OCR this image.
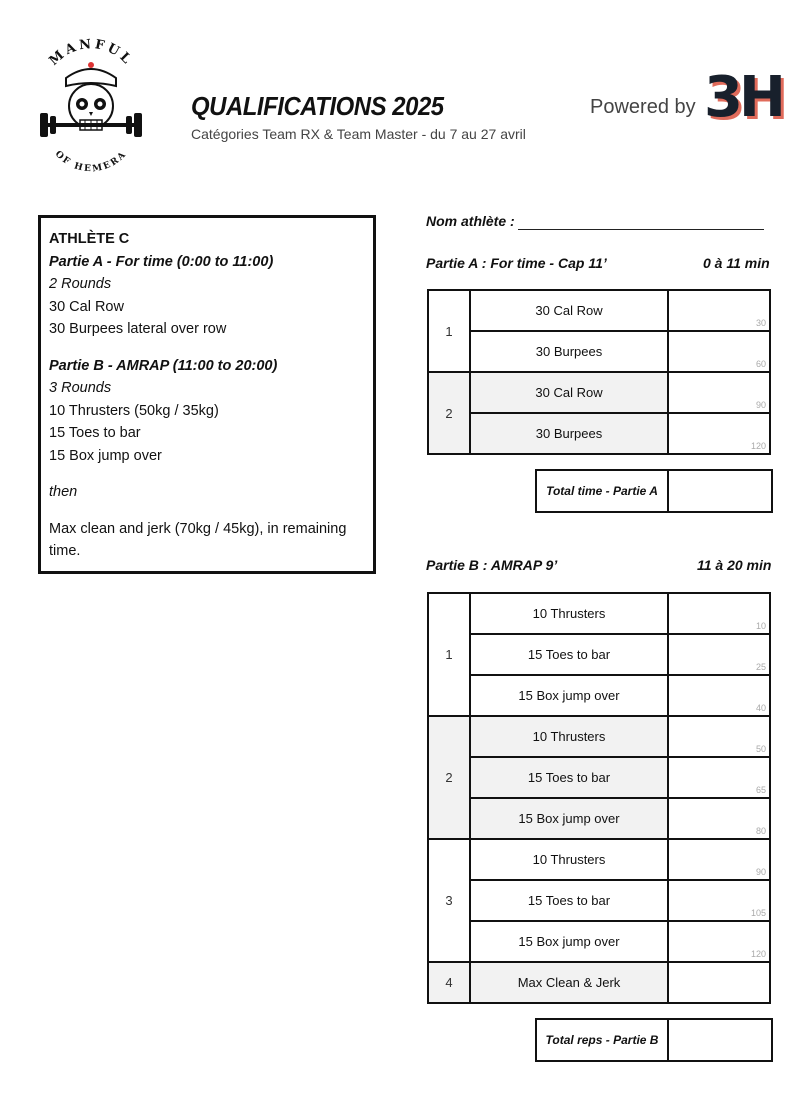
MANFUL
OF HEMERA
QUALIFICATIONS 2025
Catégories Team RX & Team Master - du 7 au 27 avril
Powered by 3H
ATHLÈTE C
Partie A - For time (0:00 to 11:00)
2 Rounds
30 Cal Row
30 Burpees lateral over row
Partie B - AMRAP (11:00 to 20:00)
3 Rounds
10 Thrusters (50kg / 35kg)
15 Toes to bar
15 Box jump over
then
Max clean and jerk (70kg / 45kg), in remaining time.
Nom athlète :
Partie A : For time - Cap 11’	0 à 11 min
1	30 Cal Row	30

	30 Burpees	60

2	30 Cal Row	90

	30 Burpees	120
Total time - Partie A	
Partie B : AMRAP 9’	11 à 20 min
1	10 Thrusters	10

	15 Toes to bar	25

	15 Box jump over	40

2	10 Thrusters	50

	15 Toes to bar	65

	15 Box jump over	80

3	10 Thrusters	90

	15 Toes to bar	105

	15 Box jump over	120

4	Max Clean & Jerk	
Total reps - Partie B	
